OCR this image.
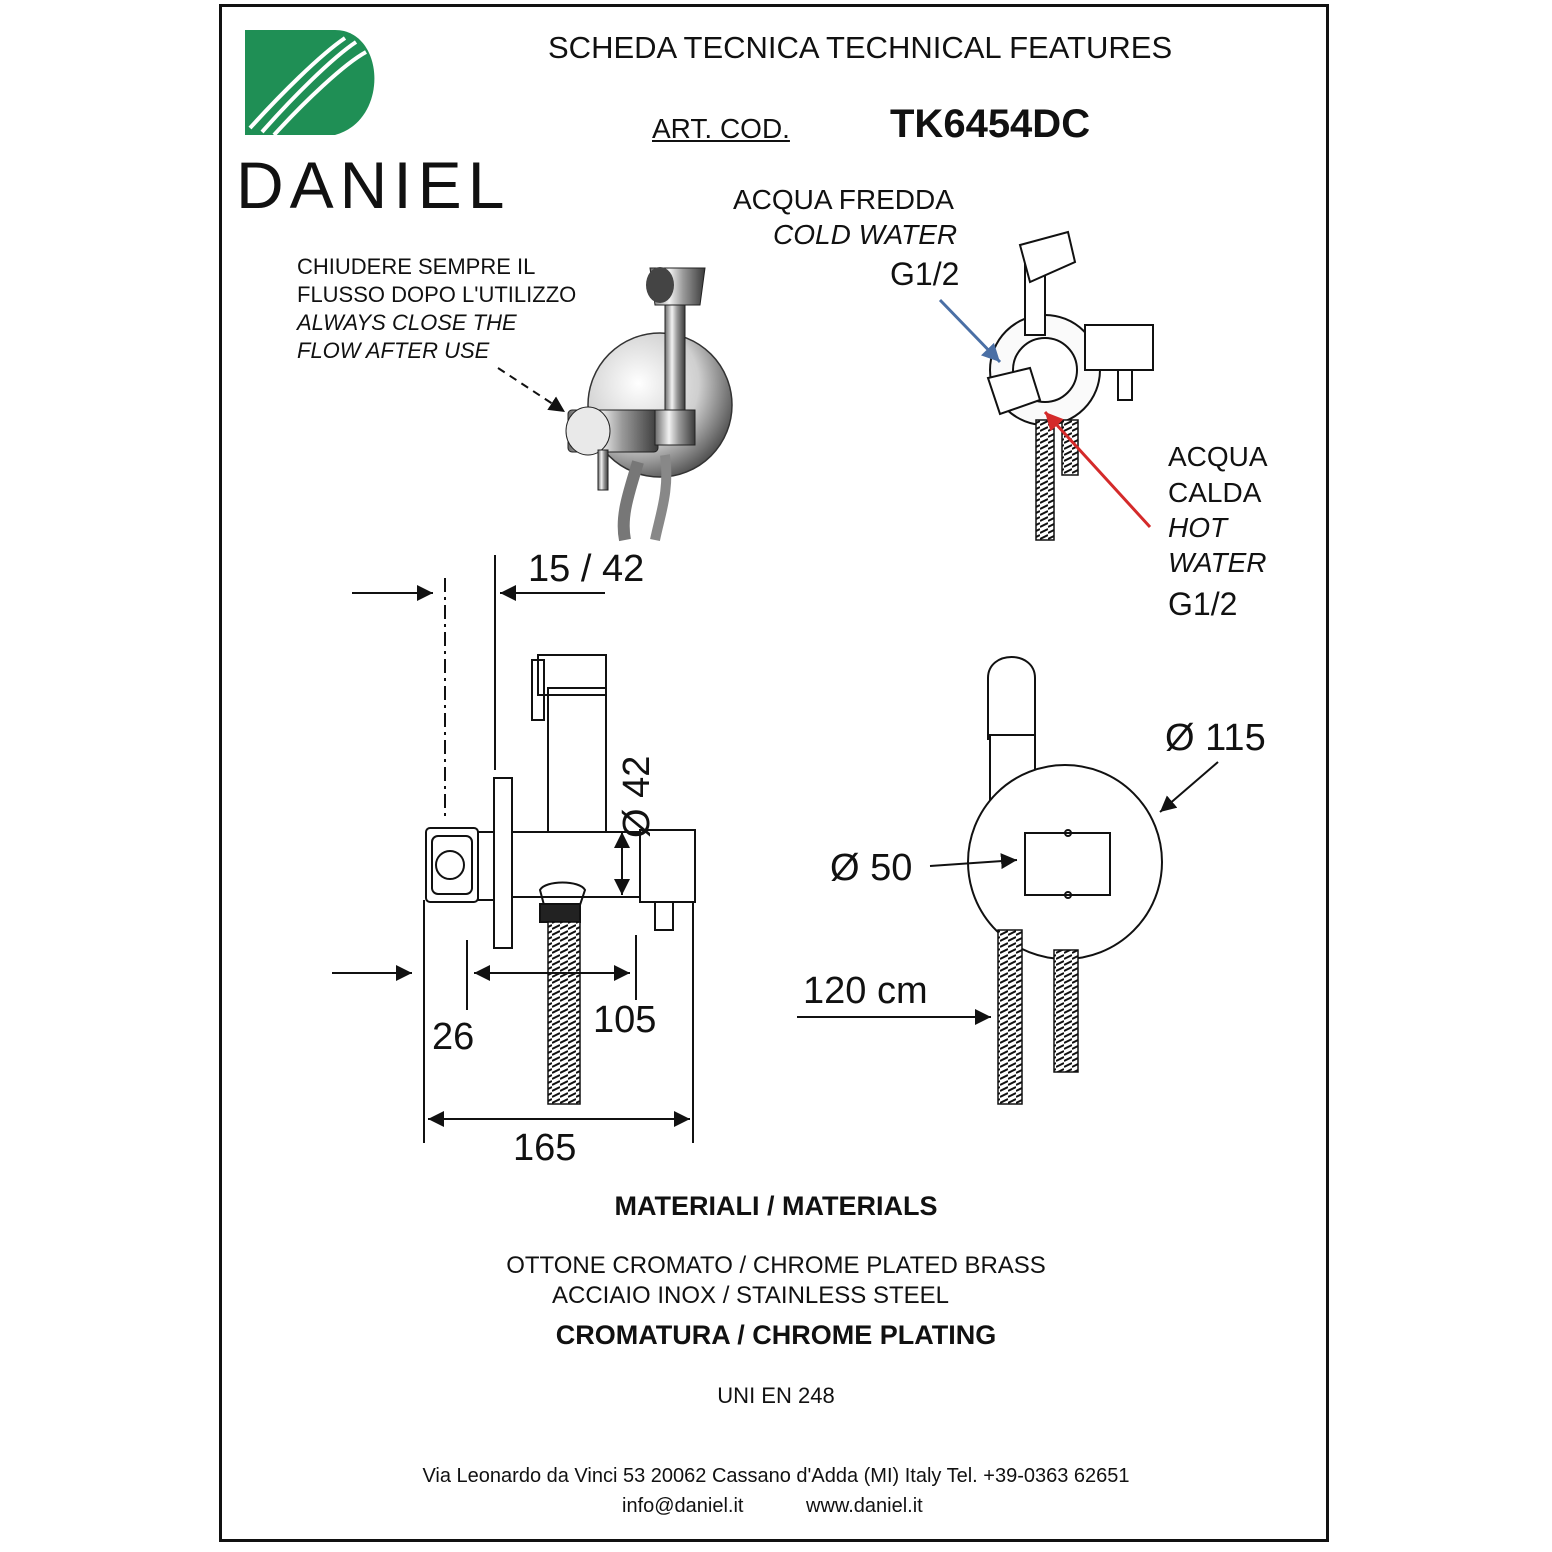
DANIEL
SCHEDA TECNICA TECHNICAL FEATURES
ART. COD.	TK6454DC
CHIUDERE SEMPRE IL
FLUSSO DOPO L'UTILIZZO
ALWAYS CLOSE THE
FLOW AFTER USE
ACQUA FREDDA
COLD WATER
G1/2
ACQUA
CALDA
HOT
WATER
G1/2
15 / 42
Ø 42
Ø 115
Ø 50
120 cm
26	105
165
MATERIALI / MATERIALS
OTTONE CROMATO / CHROME PLATED BRASS
ACCIAIO INOX / STAINLESS STEEL
CROMATURA / CHROME PLATING
UNI EN 248
Via Leonardo da Vinci 53 20062 Cassano d'Adda (MI) Italy Tel. +39-0363 62651
info@daniel.it	www.daniel.it
